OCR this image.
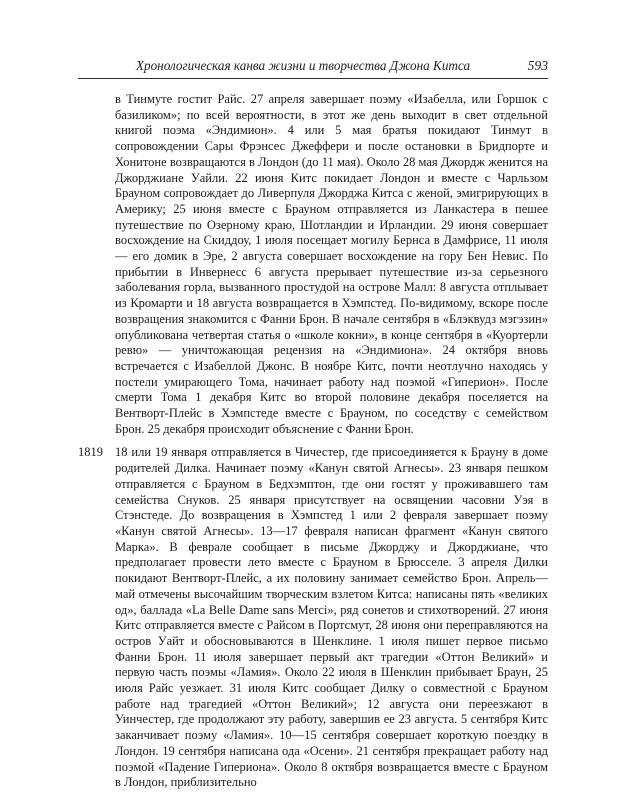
Хронологическая канва жизни и творчества Джона Китса	593
в Тинмуте гостит Райс. 27 апреля завершает поэму «Изабелла, или Горшок с базиликом»; по всей вероятности, в этот же день выходит в свет отдельной книгой поэма «Эндимион». 4 или 5 мая братья покидают Тинмут в сопровождении Сары Фрэнсес Джеффери и после остановки в Бридпорте и Хонитоне возвращаются в Лондон (до 11 мая). Около 28 мая Джордж женится на Джорджиане Уайли. 22 июня Китс покидает Лондон и вместе с Чарльзом Брауном сопровождает до Ливерпуля Джорджа Китса с женой, эмигрирующих в Америку; 25 июня вместе с Брауном отправляется из Ланкастера в пешее путешествие по Озерному краю, Шотландии и Ирландии. 29 июня совершает восхождение на Скиддоу, 1 июля посещает могилу Бернса в Дамфрисе, 11 июля — его домик в Эре, 2 августа совершает восхождение на гору Бен Невис. По прибытии в Инвернесс 6 августа прерывает путешествие из-за серьезного заболевания горла, вызванного простудой на острове Малл: 8 августа отплывает из Кромарти и 18 августа возвращается в Хэмпстед. По-видимому, вскоре после возвращения знакомится с Фанни Брон. В начале сентября в «Блэквудз мэгэзин» опубликована четвертая статья о «школе кокни», в конце сентября в «Куортерли ревю» — уничтожающая рецензия на «Эндимиона». 24 октября вновь встречается с Изабеллой Джонс. В ноябре Китс, почти неотлучно находясь у постели умирающего Тома, начинает работу над поэмой «Гиперион». После смерти Тома 1 декабря Китс во второй половине декабря поселяется на Вентворт-Плейс в Хэмпстеде вместе с Брауном, по соседству с семейством Брон. 25 декабря происходит объяснение с Фанни Брон.
1819 18 или 19 января отправляется в Чичестер, где присоединяется к Брауну в доме родителей Дилка. Начинает поэму «Канун святой Агнесы». 23 января пешком отправляется с Брауном в Бедхэмптон, где они гостят у проживавшего там семейства Снуков. 25 января присутствует на освящении часовни Уэя в Стэнстеде. До возвращения в Хэмпстед 1 или 2 февраля завершает поэму «Канун святой Агнесы». 13—17 февраля написан фрагмент «Канун святого Марка». В феврале сообщает в письме Джорджу и Джорджиане, что предполагает провести лето вместе с Брауном в Брюсселе. 3 апреля Дилки покидают Вентворт-Плейс, а их половину занимает семейство Брон. Апрель—май отмечены высочайшим творческим взлетом Китса: написаны пять «великих од», баллада «La Belle Dame sans Merci», ряд сонетов и стихотворений. 27 июня Китс отправляется вместе с Райсом в Портсмут, 28 июня они переправляются на остров Уайт и обосновываются в Шенклине. 1 июля пишет первое письмо Фанни Брон. 11 июля завершает первый акт трагедии «Оттон Великий» и первую часть поэмы «Ламия». Около 22 июля в Шенклин прибывает Браун, 25 июля Райс уезжает. 31 июля Китс сообщает Дилку о совместной с Брауном работе над трагедией «Оттон Великий»; 12 августа они переезжают в Уинчестер, где продолжают эту работу, завершив ее 23 августа. 5 сентября Китс заканчивает поэму «Ламия». 10—15 сентября совершает короткую поездку в Лондон. 19 сентября написана ода «Осени». 21 сентября прекращает работу над поэмой «Падение Гипериона». Около 8 октября возвращается вместе с Брауном в Лондон, приблизительно
